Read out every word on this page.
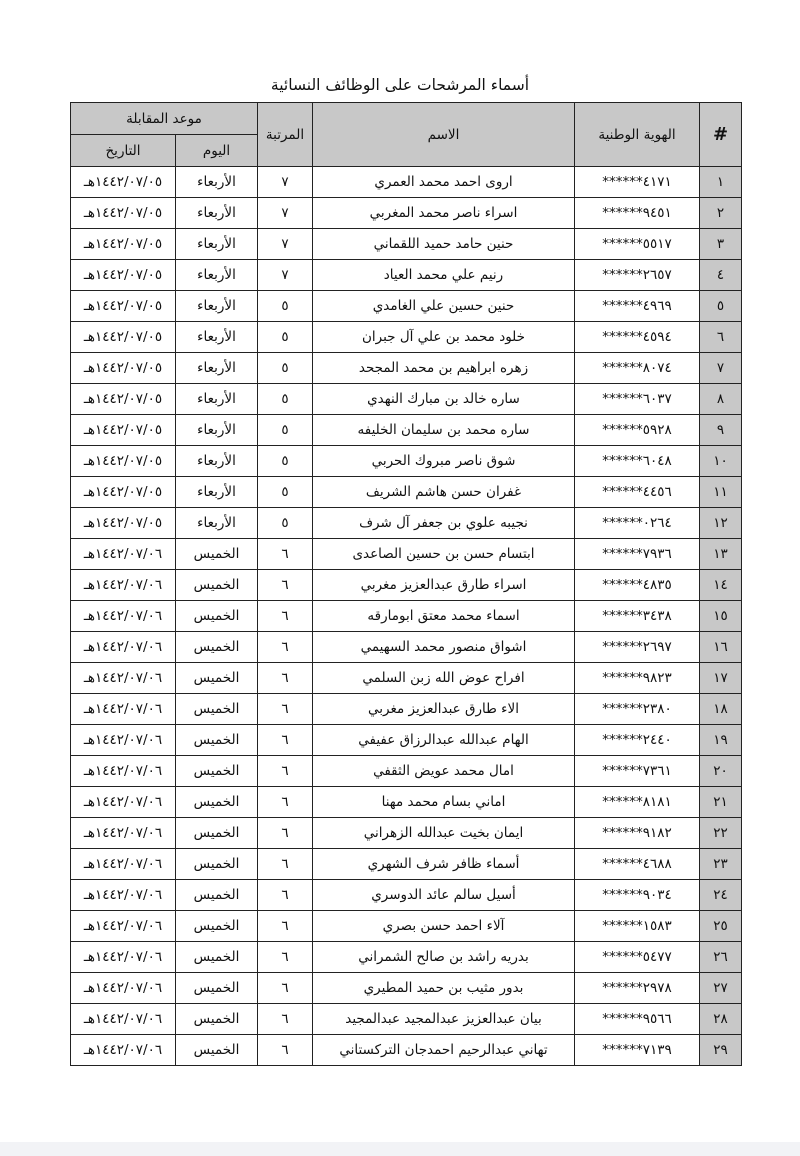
أسماء المرشحات على الوظائف النسائية
#	الهوية الوطنية	الاسم	المرتبة	موعد المقابلة	
				اليوم	التاريخ
١	******٤١٧١	اروى احمد محمد العمري	٧	الأربعاء	١٤٤٢/٠٧/٠٥هـ
٢	******٩٤٥١	اسراء ناصر محمد المغربي	٧	الأربعاء	١٤٤٢/٠٧/٠٥هـ
٣	******٥٥١٧	حنين حامد حميد اللقماني	٧	الأربعاء	١٤٤٢/٠٧/٠٥هـ
٤	******٢٦٥٧	رنيم علي محمد العياد	٧	الأربعاء	١٤٤٢/٠٧/٠٥هـ
٥	******٤٩٦٩	حنين حسين علي الغامدي	٥	الأربعاء	١٤٤٢/٠٧/٠٥هـ
٦	******٤٥٩٤	خلود محمد بن علي آل جبران	٥	الأربعاء	١٤٤٢/٠٧/٠٥هـ
٧	******٨٠٧٤	زهره ابراهيم بن محمد المجحد	٥	الأربعاء	١٤٤٢/٠٧/٠٥هـ
٨	******٦٠٣٧	ساره خالد بن مبارك النهدي	٥	الأربعاء	١٤٤٢/٠٧/٠٥هـ
٩	******٥٩٢٨	ساره محمد بن سليمان الخليفه	٥	الأربعاء	١٤٤٢/٠٧/٠٥هـ
١٠	******٦٠٤٨	شوق ناصر مبروك الحربي	٥	الأربعاء	١٤٤٢/٠٧/٠٥هـ
١١	******٤٤٥٦	غفران حسن هاشم الشريف	٥	الأربعاء	١٤٤٢/٠٧/٠٥هـ
١٢	******٠٢٦٤	نجيبه علوي بن جعفر آل شرف	٥	الأربعاء	١٤٤٢/٠٧/٠٥هـ
١٣	******٧٩٣٦	ابتسام حسن بن حسين الصاعدى	٦	الخميس	١٤٤٢/٠٧/٠٦هـ
١٤	******٤٨٣٥	اسراء طارق عبدالعزيز مغربي	٦	الخميس	١٤٤٢/٠٧/٠٦هـ
١٥	******٣٤٣٨	اسماء محمد معتق ابومارقه	٦	الخميس	١٤٤٢/٠٧/٠٦هـ
١٦	******٢٦٩٧	اشواق منصور محمد السهيمي	٦	الخميس	١٤٤٢/٠٧/٠٦هـ
١٧	******٩٨٢٣	افراح عوض الله زبن السلمي	٦	الخميس	١٤٤٢/٠٧/٠٦هـ
١٨	******٢٣٨٠	الاء طارق عبدالعزيز مغربي	٦	الخميس	١٤٤٢/٠٧/٠٦هـ
١٩	******٢٤٤٠	الهام عبدالله عبدالرزاق عفيفي	٦	الخميس	١٤٤٢/٠٧/٠٦هـ
٢٠	******٧٣٦١	امال محمد عويض الثقفي	٦	الخميس	١٤٤٢/٠٧/٠٦هـ
٢١	******٨١٨١	اماني بسام محمد مهنا	٦	الخميس	١٤٤٢/٠٧/٠٦هـ
٢٢	******٩١٨٢	ايمان بخيت عبدالله الزهراني	٦	الخميس	١٤٤٢/٠٧/٠٦هـ
٢٣	******٤٦٨٨	أسماء ظافر شرف الشهري	٦	الخميس	١٤٤٢/٠٧/٠٦هـ
٢٤	******٩٠٣٤	أسيل سالم عائد الدوسري	٦	الخميس	١٤٤٢/٠٧/٠٦هـ
٢٥	******١٥٨٣	آلاء احمد حسن بصري	٦	الخميس	١٤٤٢/٠٧/٠٦هـ
٢٦	******٥٤٧٧	بدريه راشد بن صالح الشمراني	٦	الخميس	١٤٤٢/٠٧/٠٦هـ
٢٧	******٢٩٧٨	بدور مثيب بن حميد المطيري	٦	الخميس	١٤٤٢/٠٧/٠٦هـ
٢٨	******٩٥٦٦	بيان عبدالعزيز عبدالمجيد عبدالمجيد	٦	الخميس	١٤٤٢/٠٧/٠٦هـ
٢٩	******٧١٣٩	تهاني عبدالرحيم احمدجان التركستاني	٦	الخميس	١٤٤٢/٠٧/٠٦هـ
